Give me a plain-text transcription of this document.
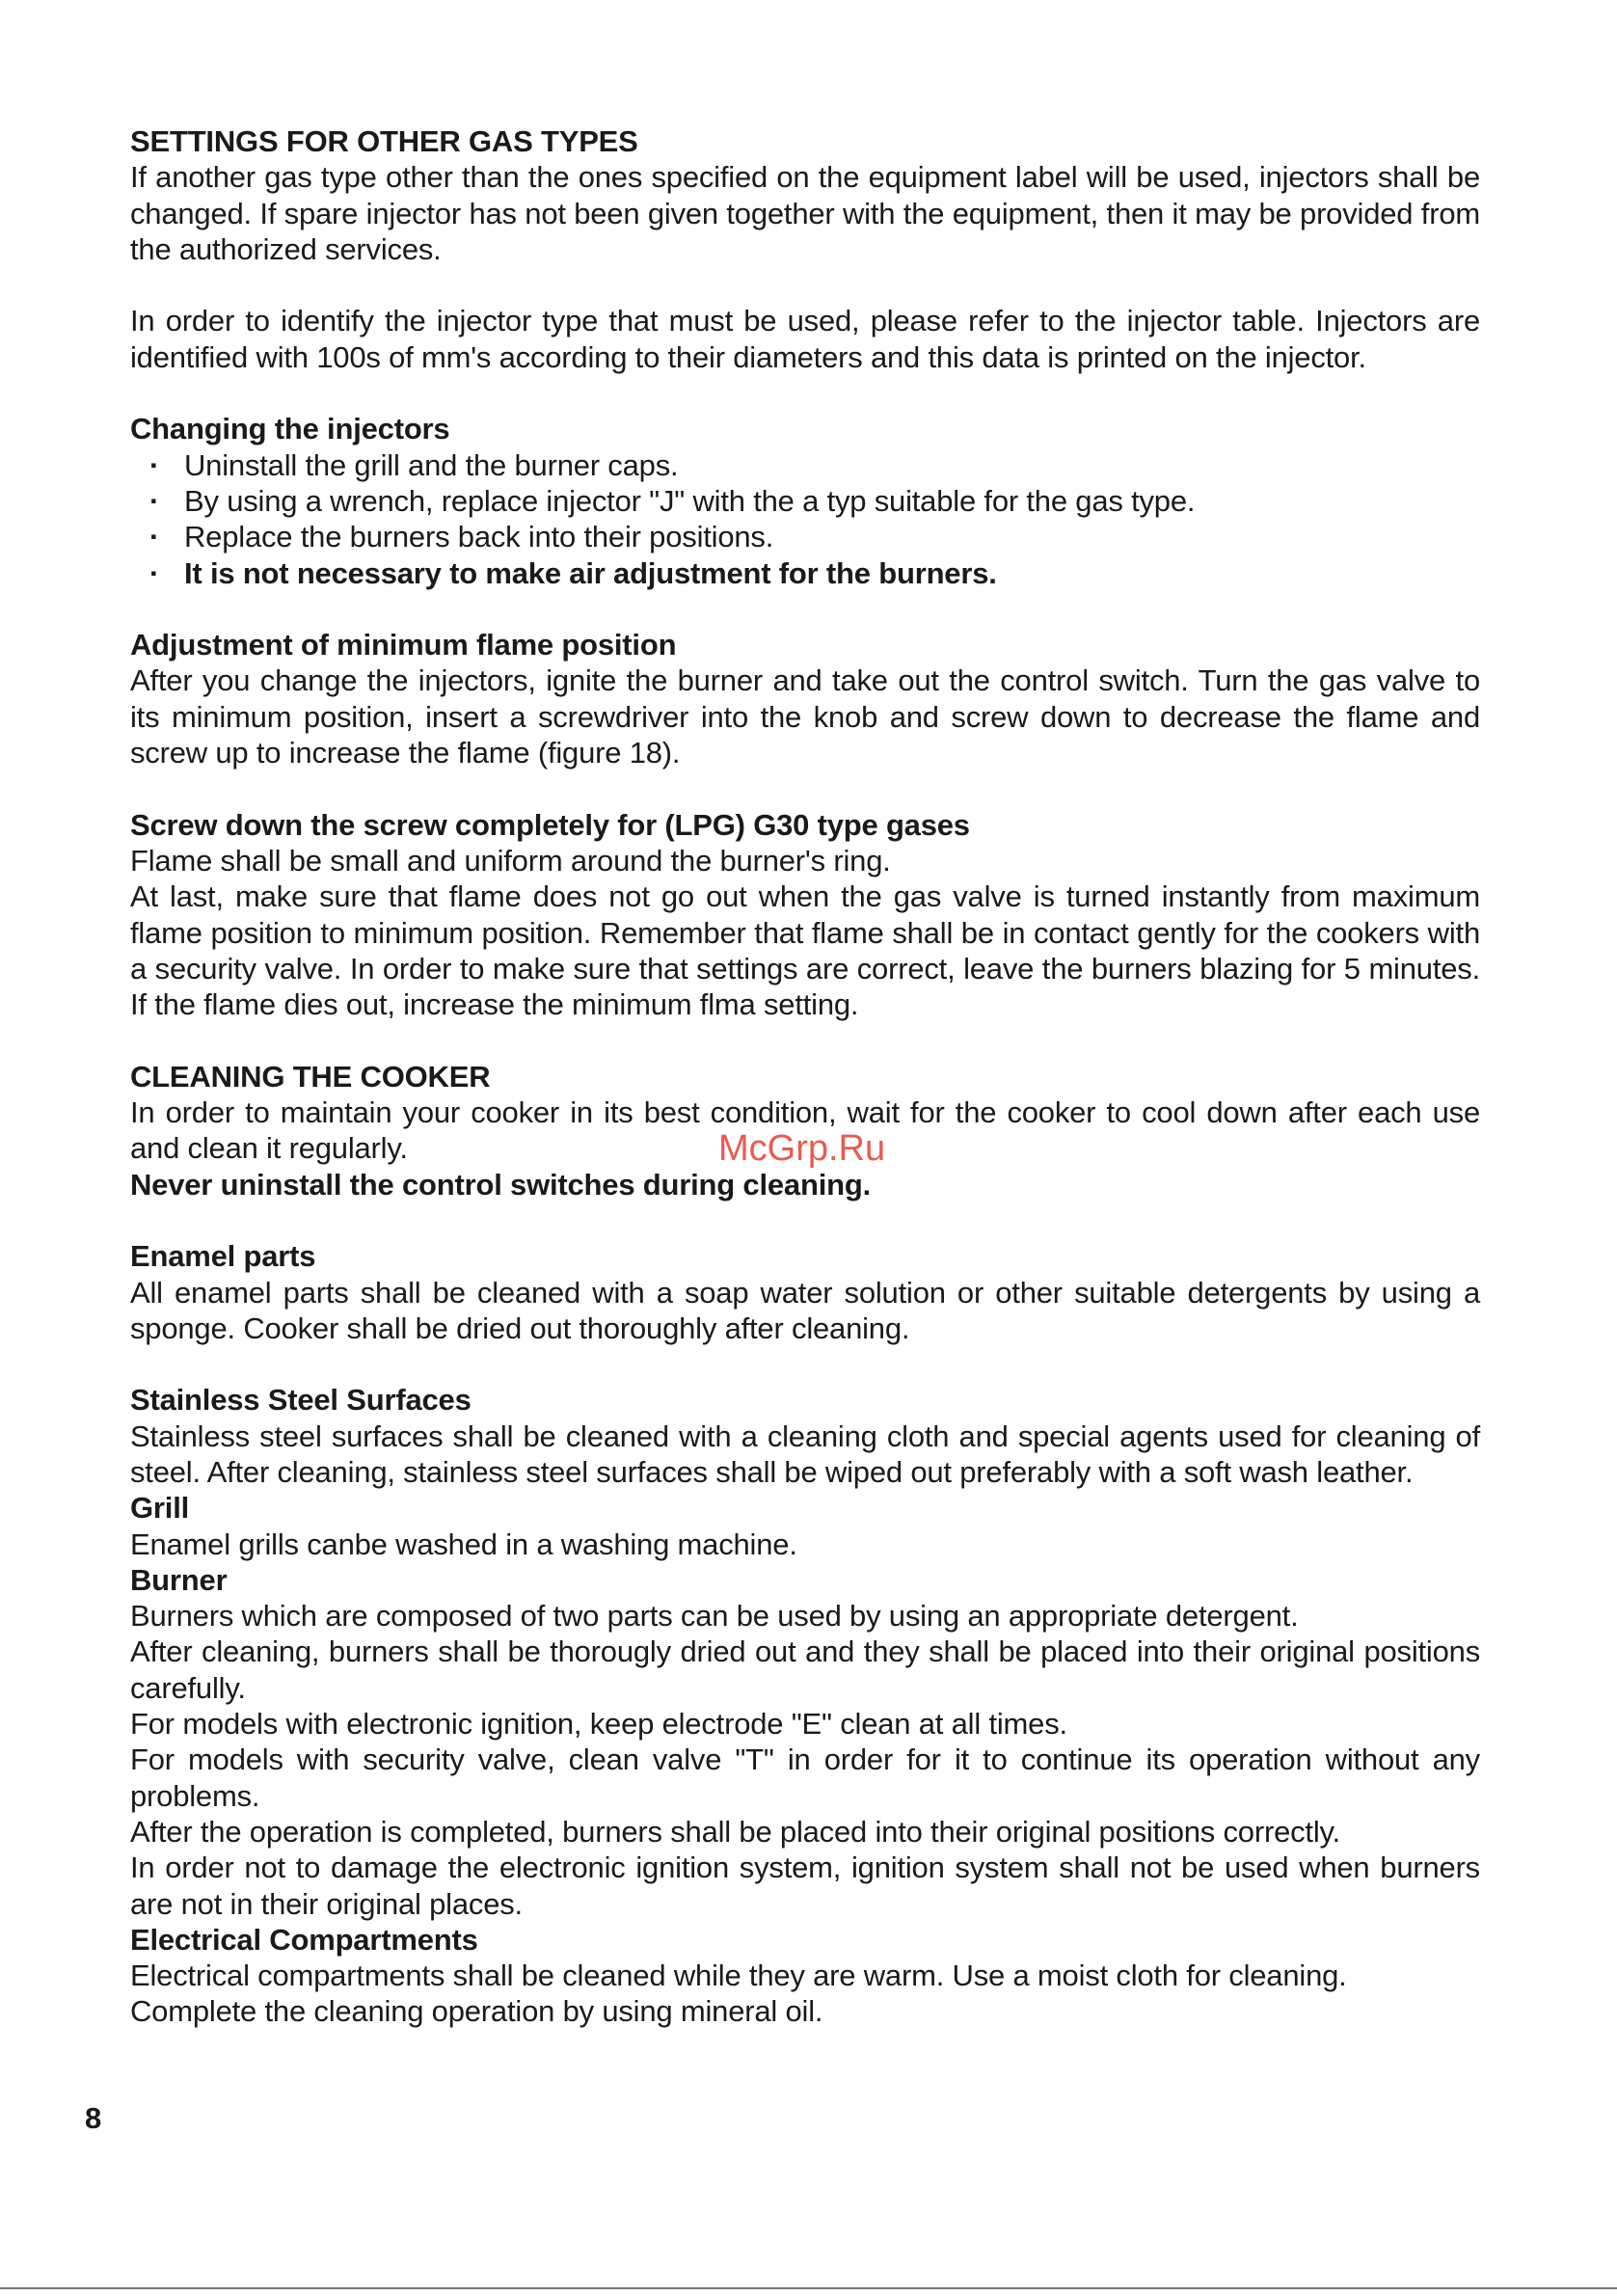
SETTINGS FOR OTHER GAS TYPES

If another gas type other than the ones specified on the equipment label will be used, injectors shall be changed. If spare injector has not been given together with the equipment, then it may be provided from the authorized services.

In order to identify the injector type that must be used, please refer to the injector table. Injectors are identified with 100s of mm's according to their diameters and this data is printed on the injector.

Changing the injectors
· Uninstall the grill and the burner caps.
· By using a wrench, replace injector "J" with the a typ suitable for the gas type.
· Replace the burners back into their positions.
· It is not necessary to make air adjustment for the burners.
Adjustment of minimum flame position

After you change the injectors, ignite the burner and take out the control switch. Turn the gas valve to its minimum position, insert a screwdriver into the knob and screw down to decrease the flame and screw up to increase the flame (figure 18).

Screw down the screw completely for (LPG) G30 type gases

Flame shall be small and uniform around the burner's ring.

At last, make sure that flame does not go out when the gas valve is turned instantly from maximum flame position to minimum position. Remember that flame shall be in contact gently for the cookers with a security valve. In order to make sure that settings are correct, leave the burners blazing for 5 minutes. If the flame dies out, increase the minimum flma setting.

CLEANING THE COOKER

In order to maintain your cooker in its best condition, wait for the cooker to cool down after each use and clean it regularly.

Never uninstall the control switches during cleaning.

Enamel parts

All enamel parts shall be cleaned with a soap water solution or other suitable detergents by using a sponge. Cooker shall be dried out thoroughly after cleaning.

Stainless Steel Surfaces

Stainless steel surfaces shall be cleaned with a cleaning cloth and special agents used for cleaning of steel. After cleaning, stainless steel surfaces shall be wiped out preferably with a soft wash leather.

Grill

Enamel grills canbe washed in a washing machine.

Burner

Burners which are composed of two parts can be used by using an appropriate detergent.

After cleaning, burners shall be thorougly dried out and they shall be placed into their original positions carefully.

For models with electronic ignition, keep electrode "E" clean at all times.

For models with security valve, clean valve "T" in order for it to continue its operation without any problems.

After the operation is completed, burners shall be placed into their original positions correctly.

In order not to damage the electronic ignition system, ignition system shall not be used when burners are not in their original places.

Electrical Compartments

Electrical compartments shall be cleaned while they are warm. Use a moist cloth for cleaning.

Complete the cleaning operation by using mineral oil.

McGrp.Ru
8
